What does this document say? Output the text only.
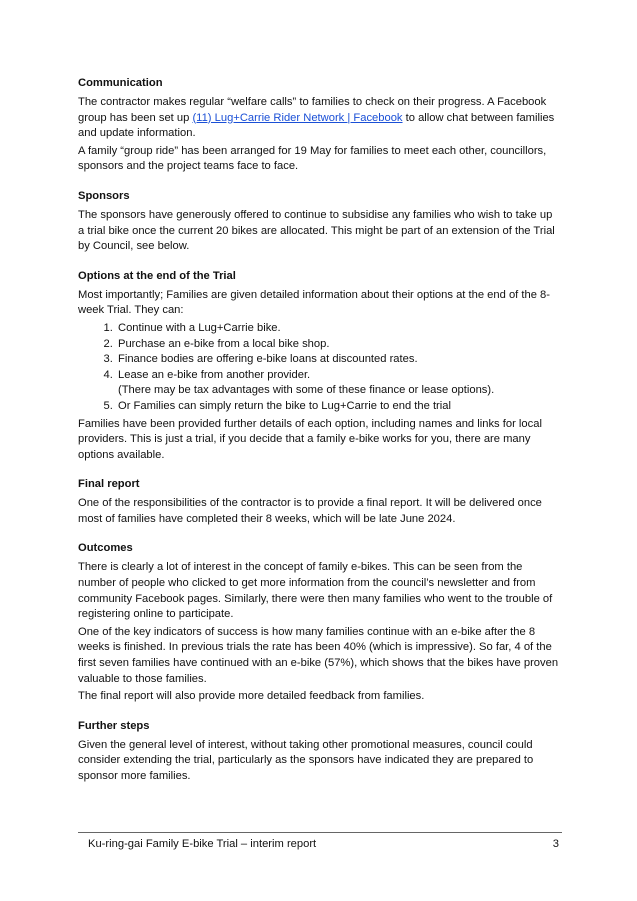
Communication

The contractor makes regular “welfare calls” to families to check on their progress. A Facebook group has been set up (11) Lug+Carrie Rider Network | Facebook to allow chat between families and update information.

A family “group ride” has been arranged for 19 May for families to meet each other, councillors, sponsors and the project teams face to face.

Sponsors

The sponsors have generously offered to continue to subsidise any families who wish to take up a trial bike once the current 20 bikes are allocated. This might be part of an extension of the Trial by Council, see below.

Options at the end of the Trial

Most importantly; Families are given detailed information about their options at the end of the 8-week Trial. They can:

1. Continue with a Lug+Carrie bike.
2. Purchase an e-bike from a local bike shop.
3. Finance bodies are offering e-bike loans at discounted rates.
4. Lease an e-bike from another provider.
(There may be tax advantages with some of these finance or lease options).
5. Or Families can simply return the bike to Lug+Carrie to end the trial

Families have been provided further details of each option, including names and links for local providers. This is just a trial, if you decide that a family e-bike works for you, there are many options available.

Final report

One of the responsibilities of the contractor is to provide a final report. It will be delivered once most of families have completed their 8 weeks, which will be late June 2024.

Outcomes

There is clearly a lot of interest in the concept of family e-bikes. This can be seen from the number of people who clicked to get more information from the council’s newsletter and from community Facebook pages. Similarly, there were then many families who went to the trouble of registering online to participate.

One of the key indicators of success is how many families continue with an e-bike after the 8 weeks is finished. In previous trials the rate has been 40% (which is impressive). So far, 4 of the first seven families have continued with an e-bike (57%), which shows that the bikes have proven valuable to those families.

The final report will also provide more detailed feedback from families.

Further steps

Given the general level of interest, without taking other promotional measures, council could consider extending the trial, particularly as the sponsors have indicated they are prepared to sponsor more families.

Ku-ring-gai Family E-bike Trial – interim report	3
